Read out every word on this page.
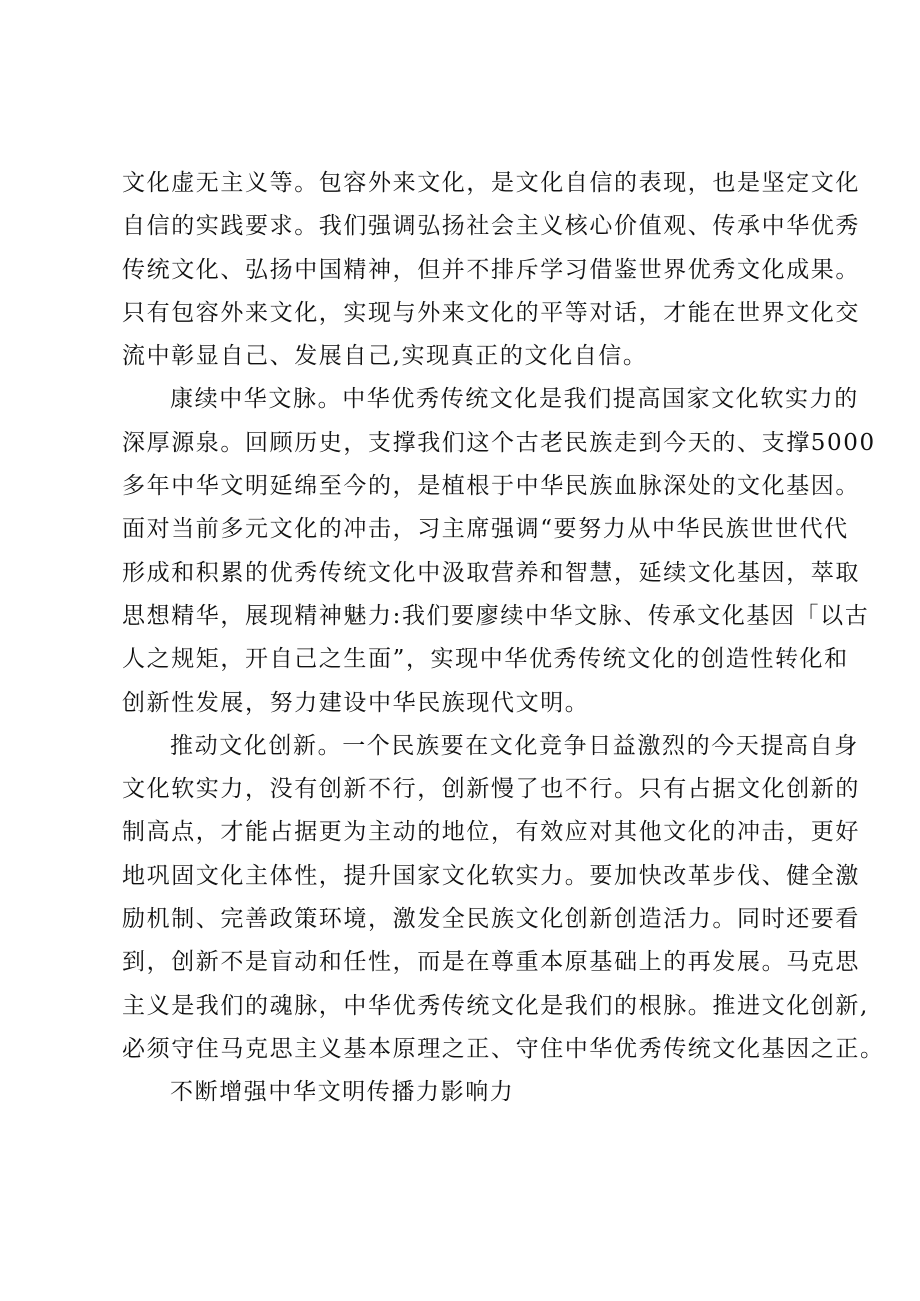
文化虚无主义等。包容外来文化，是文化自信的表现，也是坚定文化
自信的实践要求。我们强调弘扬社会主义核心价值观、传承中华优秀
传统文化、弘扬中国精神，但并不排斥学习借鉴世界优秀文化成果。
只有包容外来文化，实现与外来文化的平等对话，才能在世界文化交
流中彰显自己、发展自己,实现真正的文化自信。
康续中华文脉。中华优秀传统文化是我们提高国家文化软实力的
深厚源泉。回顾历史，支撑我们这个古老民族走到今天的、支撑5000
多年中华文明延绵至今的，是植根于中华民族血脉深处的文化基因。
面对当前多元文化的冲击，习主席强调“要努力从中华民族世世代代
形成和积累的优秀传统文化中汲取营养和智慧，延续文化基因，萃取
思想精华，展现精神魅力:我们要廖续中华文脉、传承文化基因「以古
人之规矩，开自己之生面”，实现中华优秀传统文化的创造性转化和
创新性发展，努力建设中华民族现代文明。
推动文化创新。一个民族要在文化竞争日益激烈的今天提高自身
文化软实力，没有创新不行，创新慢了也不行。只有占据文化创新的
制高点，才能占据更为主动的地位，有效应对其他文化的冲击，更好
地巩固文化主体性，提升国家文化软实力。要加快改革步伐、健全激
励机制、完善政策环境，激发全民族文化创新创造活力。同时还要看
到，创新不是盲动和任性，而是在尊重本原基础上的再发展。马克思
主义是我们的魂脉，中华优秀传统文化是我们的根脉。推进文化创新,
必须守住马克思主义基本原理之正、守住中华优秀传统文化基因之正。
不断增强中华文明传播力影响力
